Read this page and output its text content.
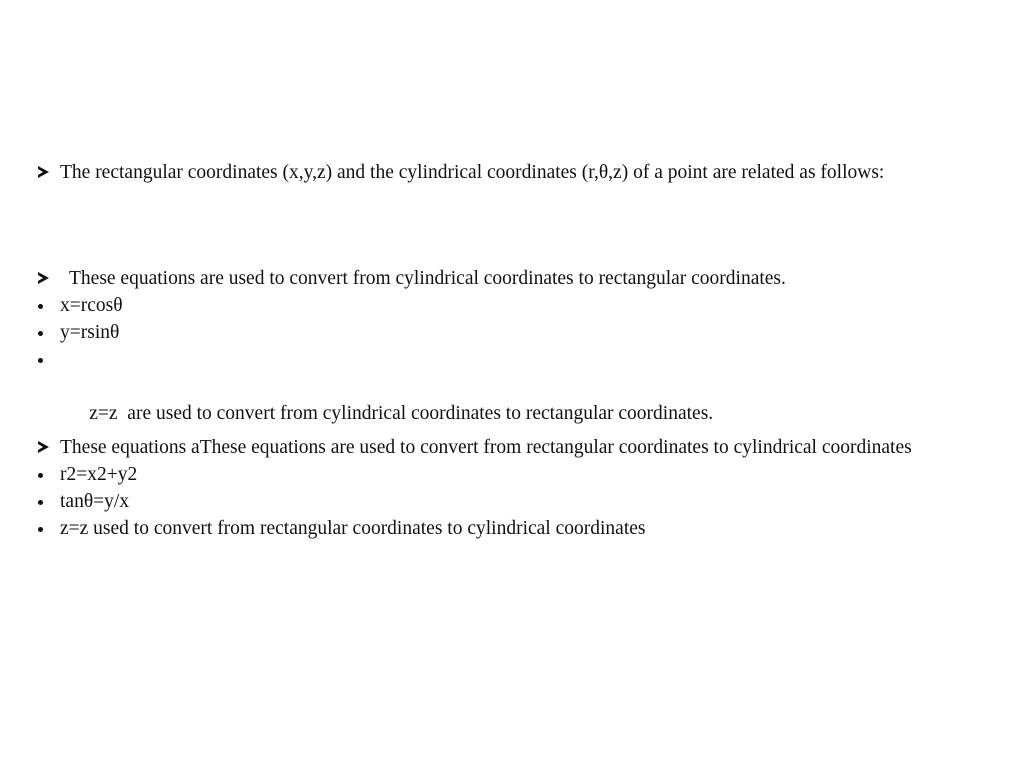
The rectangular coordinates (x,y,z) and the cylindrical coordinates (r,θ,z) of a point are related as follows:
These equations are used to convert from cylindrical coordinates to rectangular coordinates.
x=rcosθ
y=rsinθ

z=z  are used to convert from cylindrical coordinates to rectangular coordinates.

These equations aThese equations are used to convert from rectangular coordinates to cylindrical coordinates
r2=x2+y2
tanθ=y/x
z=z used to convert from rectangular coordinates to cylindrical coordinates
